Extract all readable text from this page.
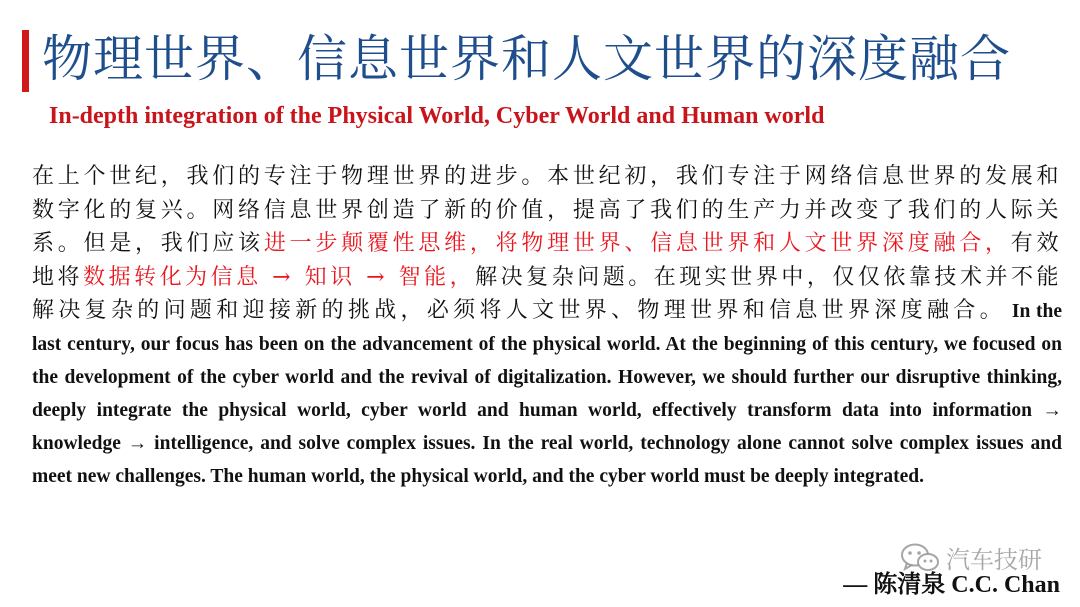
物理世界、信息世界和人文世界的深度融合
In-depth integration of the Physical World, Cyber World and Human world
在上个世纪，我们的专注于物理世界的进步。本世纪初，我们专注于网络信息世界的发展和数字化的复兴。网络信息世界创造了新的价值，提高了我们的生产力并改变了我们的人际关系。但是，我们应该进一步颠覆性思维，将物理世界、信息世界和人文世界深度融合，有效地将数据转化为信息 → 知识 → 智能，解决复杂问题。在现实世界中，仅仅依靠技术并不能解决复杂的问题和迎接新的挑战，必须将人文世界、物理世界和信息世界深度融合。 In the last century, our focus has been on the advancement of the physical world. At the beginning of this century, we focused on the development of the cyber world and the revival of digitalization. However, we should further our disruptive thinking, deeply integrate the physical world, cyber world and human world, effectively transform data into information → knowledge → intelligence, and solve complex issues. In the real world, technology alone cannot solve complex issues and meet new challenges. The human world, the physical world, and the cyber world must be deeply integrated.
汽车技研
— 陈清泉 C.C. Chan
